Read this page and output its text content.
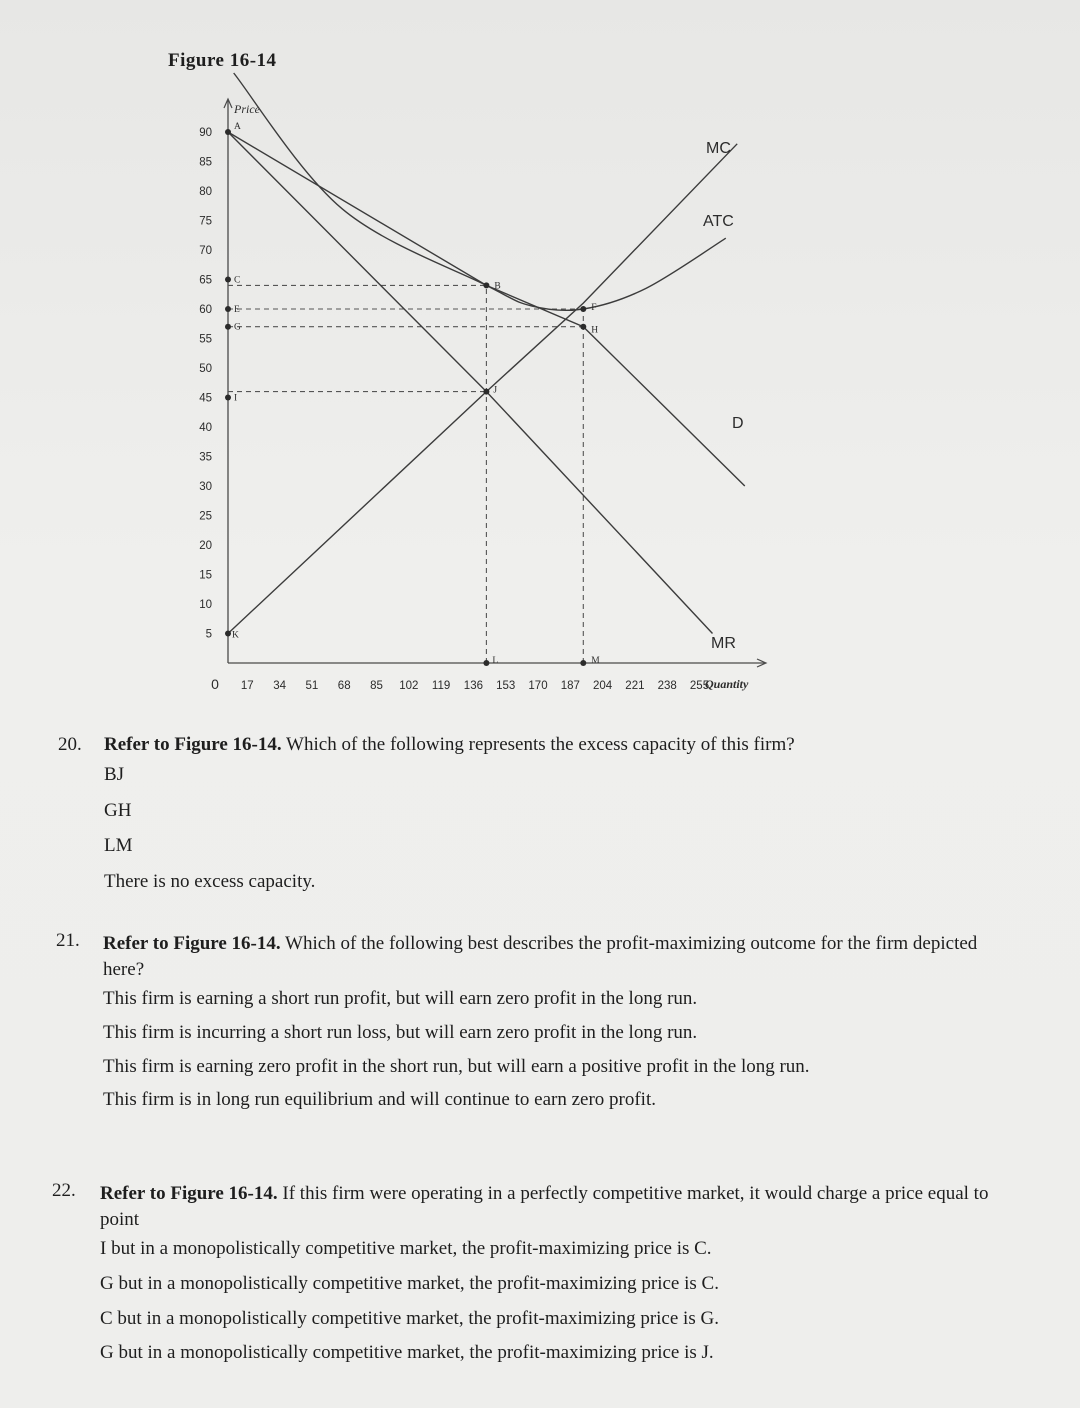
Figure 16-14
Price
Quantity
90
85
80
75
70
65
60
55
50
45
40
35
30
25
20
15
10
5
0 17 34 51 68 85 102 119 136 153 170 187 204 221 238 255
D
MR
ATC
MC
A
B
C
E	F
G	H
I
J
K
L	M
20. Refer to Figure 16-14. Which of the following represents the excess capacity of this firm?
BJ
GH
LM
There is no excess capacity.
21. Refer to Figure 16-14. Which of the following best describes the profit-maximizing outcome for the firm depicted here?
This firm is earning a short run profit, but will earn zero profit in the long run.
This firm is incurring a short run loss, but will earn zero profit in the long run.
This firm is earning zero profit in the short run, but will earn a positive profit in the long run.
This firm is in long run equilibrium and will continue to earn zero profit.
22. Refer to Figure 16-14. If this firm were operating in a perfectly competitive market, it would charge a price equal to point
I but in a monopolistically competitive market, the profit-maximizing price is C.
G but in a monopolistically competitive market, the profit-maximizing price is C.
C but in a monopolistically competitive market, the profit-maximizing price is G.
G but in a monopolistically competitive market, the profit-maximizing price is J.
